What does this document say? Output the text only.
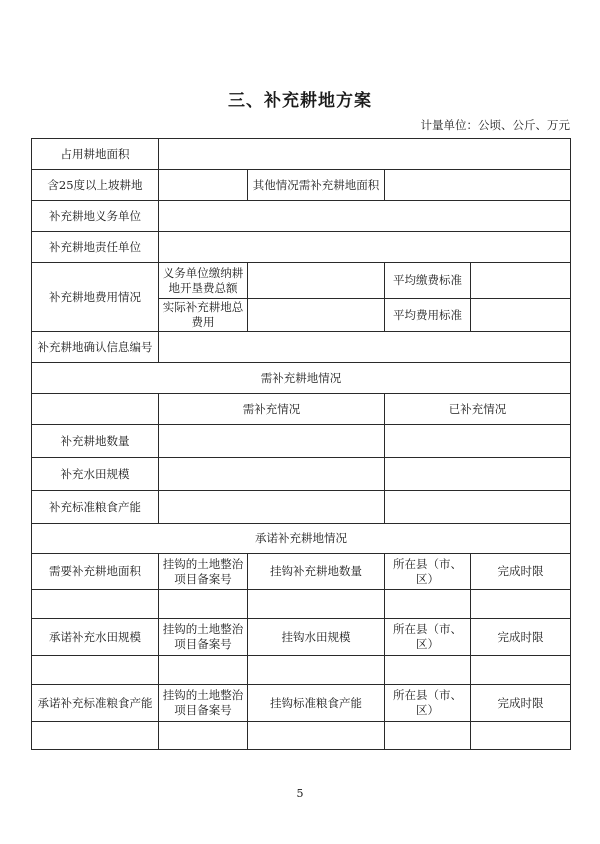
三、补充耕地方案
计量单位：公顷、公斤、万元
占用耕地面积				
含25度以上坡耕地		其他情况需补充耕地面积		
补充耕地义务单位				
补充耕地责任单位				
补充耕地费用情况	义务单位缴纳耕地开垦费总额		平均缴费标准	
	实际补充耕地总费用		平均费用标准	
补充耕地确认信息编号				
需补充耕地情况				
	需补充情况		已补充情况	
补充耕地数量				
补充水田规模				
补充标准粮食产能				
承诺补充耕地情况				
需要补充耕地面积	挂钩的土地整治项目备案号	挂钩补充耕地数量	所在县（市、区）	完成时限

承诺补充水田规模	挂钩的土地整治项目备案号	挂钩水田规模	所在县（市、区）	完成时限

承诺补充标准粮食产能	挂钩的土地整治项目备案号	挂钩标准粮食产能	所在县（市、区）	完成时限

5
